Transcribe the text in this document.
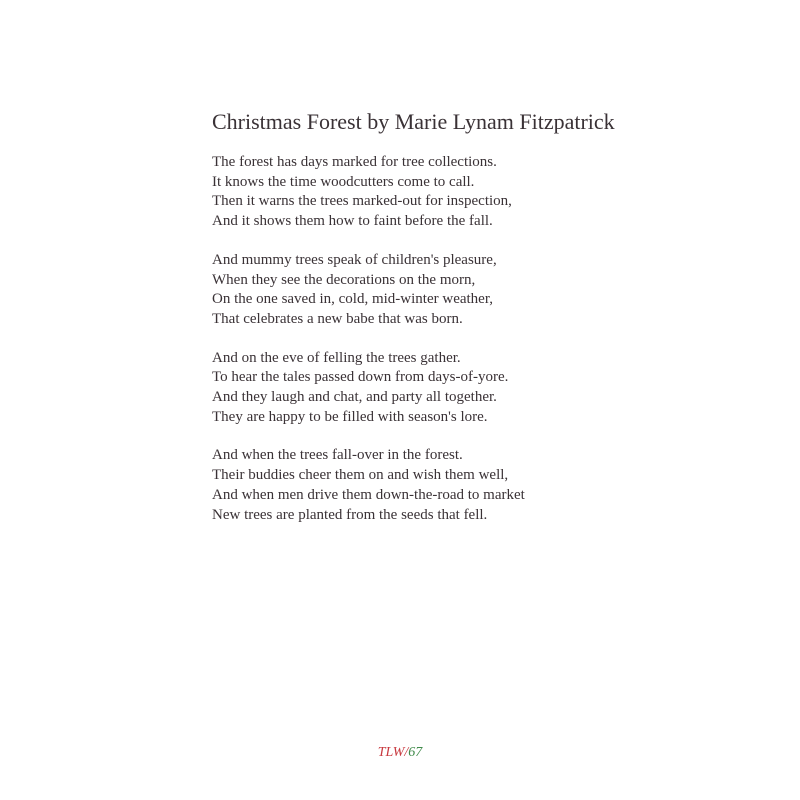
Christmas Forest by Marie Lynam Fitzpatrick
The forest has days marked for tree collections.
It knows the time woodcutters come to call.
Then it warns the trees marked-out for inspection,
And it shows them how to faint before the fall.
And mummy trees speak of children's pleasure,
When they see the decorations on the morn,
On the one saved in, cold, mid-winter weather,
That celebrates a new babe that was born.
And on the eve of felling the trees gather.
To hear the tales passed down from days-of-yore.
And they laugh and chat, and party all together.
They are happy to be filled with season's lore.
And when the trees fall-over in the forest.
Their buddies cheer them on and wish them well,
And when men drive them down-the-road to market
New trees are planted from the seeds that fell.
TLW/67
